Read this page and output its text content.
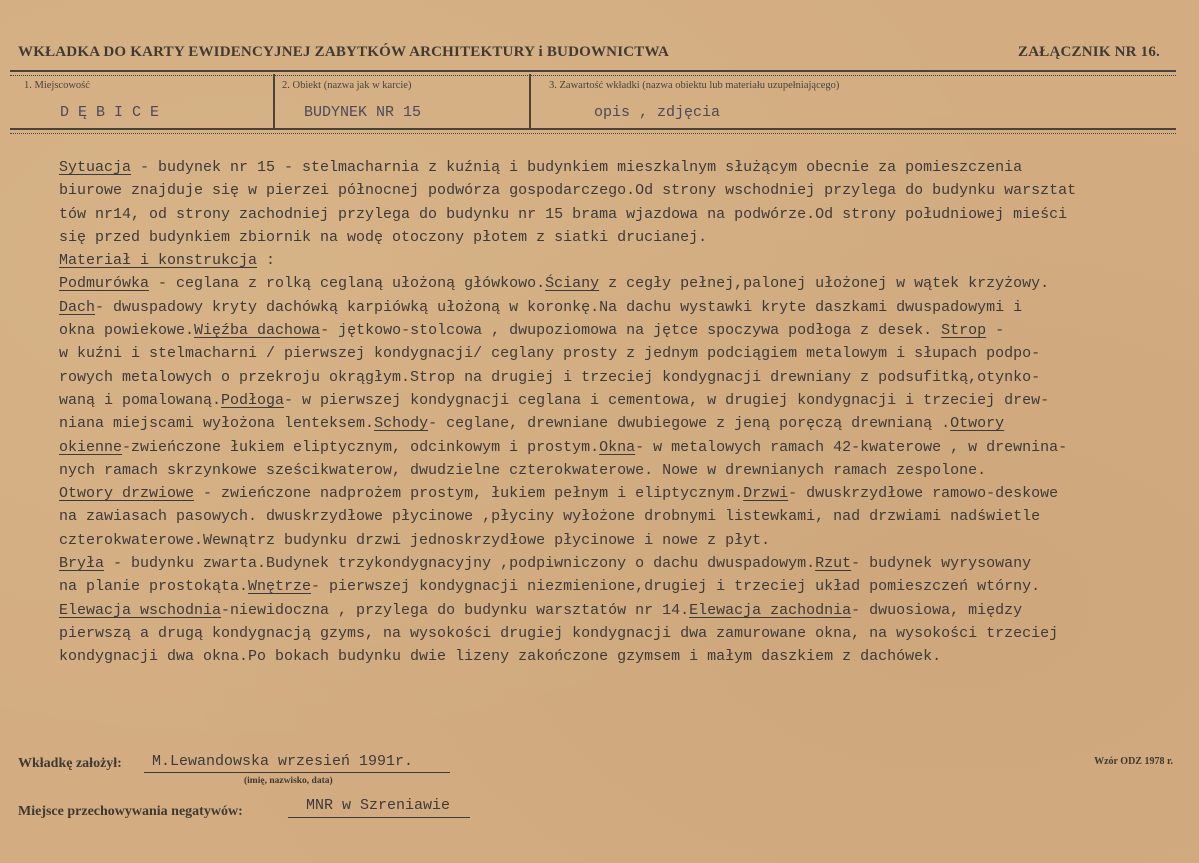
WKŁADKA DO KARTY EWIDENCYJNEJ ZABYTKÓW ARCHITEKTURY i BUDOWNICTWA	ZAŁĄCZNIK NR 16.
1. Miejscowość
D Ę B I C E
2. Obiekt (nazwa jak w karcie)
BUDYNEK NR 15
3. Zawartość wkładki (nazwa obiektu lub materiału uzupełniającego)
opis , zdjęcia
Sytuacja - budynek nr 15 - stelmacharnia z kuźnią i budynkiem mieszkalnym służącym obecnie za pomieszczenia
biurowe znajduje się w pierzei północnej podwórza gospodarczego.Od strony wschodniej przylega do budynku warsztat
tów nr14, od strony zachodniej przylega do budynku nr 15 brama wjazdowa na podwórze.Od strony południowej mieści
się przed budynkiem zbiornik na wodę otoczony płotem z siatki drucianej.
Materiał i konstrukcja :
Podmurówka - ceglana z rolką ceglaną ułożoną główkowo.Ściany z cegły pełnej,palonej ułożonej w wątek krzyżowy.
Dach- dwuspadowy kryty dachówką karpiówką ułożoną w koronkę.Na dachu wystawki kryte daszkami dwuspadowymi i
okna powiekowe.Więźba dachowa- jętkowo-stolcowa , dwupoziomowa na jętce spoczywa podłoga z desek. Strop -
w kuźni i stelmacharni / pierwszej kondygnacji/ ceglany prosty z jednym podciągiem metalowym i słupach podpo-
rowych metalowych o przekroju okrągłym.Strop na drugiej i trzeciej kondygnacji drewniany z podsufitką,otynko-
waną i pomalowaną.Podłoga- w pierwszej kondygnacji ceglana i cementowa, w drugiej kondygnacji i trzeciej drew-
niana miejscami wyłożona lenteksem.Schody- ceglane, drewniane dwubiegowe z jeną poręczą drewnianą .Otwory
okienne-zwieńczone łukiem eliptycznym, odcinkowym i prostym.Okna- w metalowych ramach 42-kwaterowe , w drewnina-
nych ramach skrzynkowe sześcikwaterow, dwudzielne czterokwaterowe. Nowe w drewnianych ramach zespolone.
Otwory drzwiowe - zwieńczone nadprożem prostym, łukiem pełnym i eliptycznym.Drzwi- dwuskrzydłowe ramowo-deskowe
na zawiasach pasowych. dwuskrzydłowe płycinowe ,płyciny wyłożone drobnymi listewkami, nad drzwiami nadświetle
czterokwaterowe.Wewnątrz budynku drzwi jednoskrzydłowe płycinowe i nowe z płyt.
Bryła - budynku zwarta.Budynek trzykondygnacyjny ,podpiwniczony o dachu dwuspadowym.Rzut- budynek wyrysowany
na planie prostokąta.Wnętrze- pierwszej kondygnacji niezmienione,drugiej i trzeciej układ pomieszczeń wtórny.
Elewacja wschodnia-niewidoczna , przylega do budynku warsztatów nr 14.Elewacja zachodnia- dwuosiowa, między
pierwszą a drugą kondygnacją gzyms, na wysokości drugiej kondygnacji dwa zamurowane okna, na wysokości trzeciej
kondygnacji dwa okna.Po bokach budynku dwie lizeny zakończone gzymsem i małym daszkiem z dachówek.
Wkładkę założył: M.Lewandowska wrzesień 1991r.
(imię, nazwisko, data)
Wzór ODZ 1978 r.
Miejsce przechowywania negatywów:	MNR w Szreniawie
